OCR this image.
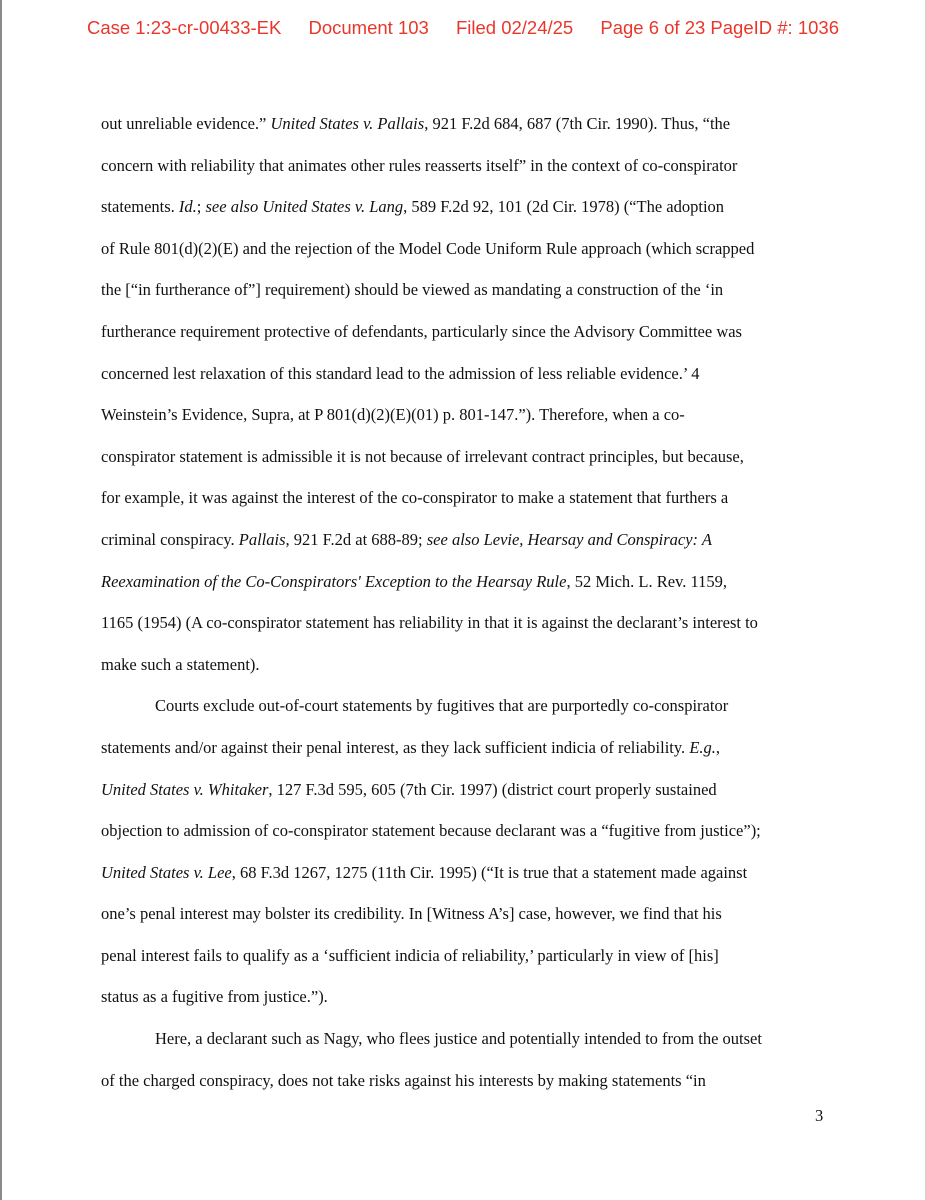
Case 1:23-cr-00433-EK Document 103 Filed 02/24/25 Page 6 of 23 PageID #: 1036
out unreliable evidence.” United States v. Pallais, 921 F.2d 684, 687 (7th Cir. 1990). Thus, “the
concern with reliability that animates other rules reasserts itself” in the context of co-conspirator
statements. Id.; see also United States v. Lang, 589 F.2d 92, 101 (2d Cir. 1978) (“The adoption
of Rule 801(d)(2)(E) and the rejection of the Model Code Uniform Rule approach (which scrapped
the [“in furtherance of”] requirement) should be viewed as mandating a construction of the ‘in
furtherance requirement protective of defendants, particularly since the Advisory Committee was
concerned lest relaxation of this standard lead to the admission of less reliable evidence.’ 4
Weinstein’s Evidence, Supra, at P 801(d)(2)(E)(01) p. 801-147.”). Therefore, when a co-
conspirator statement is admissible it is not because of irrelevant contract principles, but because,
for example, it was against the interest of the co-conspirator to make a statement that furthers a
criminal conspiracy. Pallais, 921 F.2d at 688-89; see also Levie, Hearsay and Conspiracy: A
Reexamination of the Co-Conspirators' Exception to the Hearsay Rule, 52 Mich. L. Rev. 1159,
1165 (1954) (A co-conspirator statement has reliability in that it is against the declarant’s interest to
make such a statement).
Courts exclude out-of-court statements by fugitives that are purportedly co-conspirator
statements and/or against their penal interest, as they lack sufficient indicia of reliability. E.g.,
United States v. Whitaker, 127 F.3d 595, 605 (7th Cir. 1997) (district court properly sustained
objection to admission of co-conspirator statement because declarant was a “fugitive from justice”);
United States v. Lee, 68 F.3d 1267, 1275 (11th Cir. 1995) (“It is true that a statement made against
one’s penal interest may bolster its credibility. In [Witness A’s] case, however, we find that his
penal interest fails to qualify as a ‘sufficient indicia of reliability,’ particularly in view of [his]
status as a fugitive from justice.”).
Here, a declarant such as Nagy, who flees justice and potentially intended to from the outset
of the charged conspiracy, does not take risks against his interests by making statements “in
3
